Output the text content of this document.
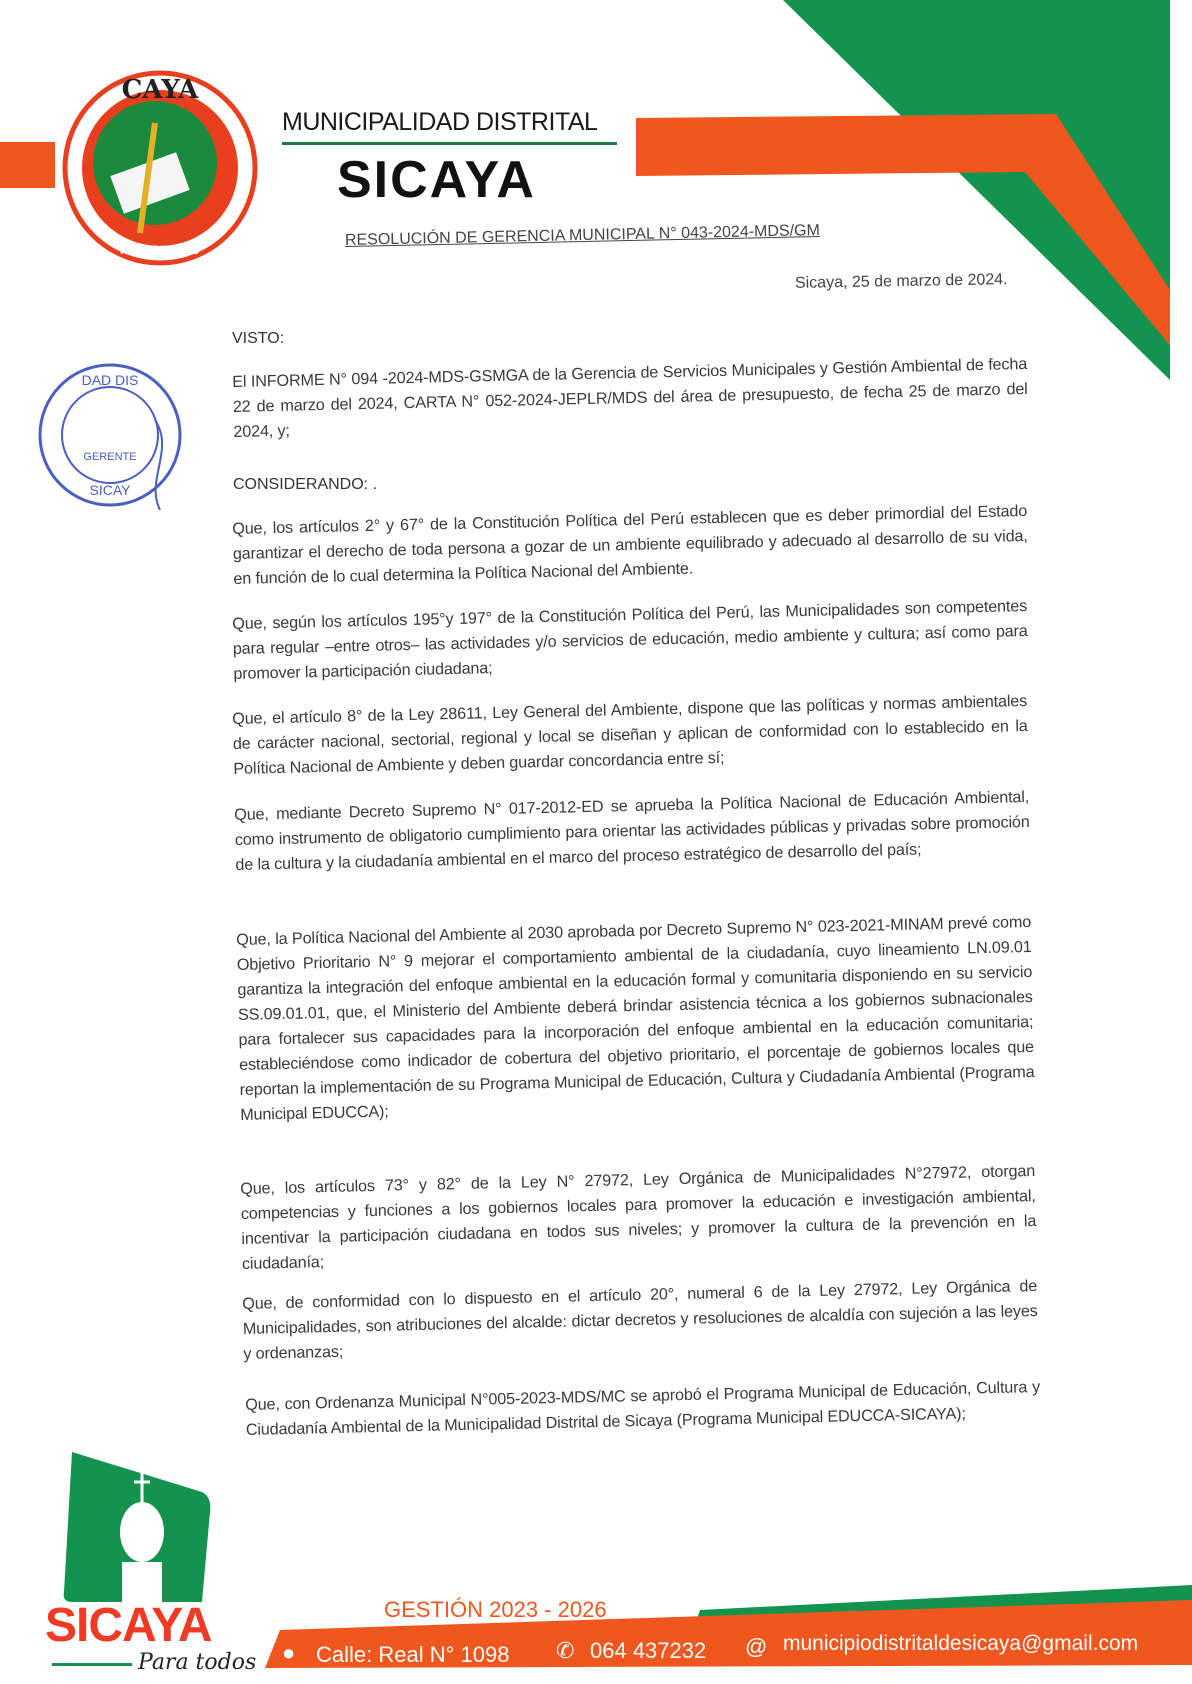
CAYA
PRODUCTIVO
MUNICIPALIDAD DISTRITAL
SICAYA
RESOLUCIÓN DE GERENCIA MUNICIPAL N° 043-2024-MDS/GM
Sicaya, 25 de marzo de 2024.
DAD DIS
GERENTE
SICAY
VISTO:
El INFORME N° 094 -2024-MDS-GSMGA de la Gerencia de Servicios Municipales y Gestión Ambiental de fecha 22 de marzo del 2024, CARTA N° 052-2024-JEPLR/MDS del área de presupuesto, de fecha 25 de marzo del 2024, y;
CONSIDERANDO: .
Que, los artículos 2° y 67° de la Constitución Política del Perú establecen que es deber primordial del Estado garantizar el derecho de toda persona a gozar de un ambiente equilibrado y adecuado al desarrollo de su vida, en función de lo cual determina la Política Nacional del Ambiente.
Que, según los artículos 195°y 197° de la Constitución Política del Perú, las Municipalidades son competentes para regular –entre otros– las actividades y/o servicios de educación, medio ambiente y cultura; así como para promover la participación ciudadana;
Que, el artículo 8° de la Ley 28611, Ley General del Ambiente, dispone que las políticas y normas ambientales de carácter nacional, sectorial, regional y local se diseñan y aplican de conformidad con lo establecido en la Política Nacional de Ambiente y deben guardar concordancia entre sí;
Que, mediante Decreto Supremo N° 017-2012-ED se aprueba la Política Nacional de Educación Ambiental, como instrumento de obligatorio cumplimiento para orientar las actividades públicas y privadas sobre promoción de la cultura y la ciudadanía ambiental en el marco del proceso estratégico de desarrollo del país;
Que, la Política Nacional del Ambiente al 2030 aprobada por Decreto Supremo N° 023-2021-MINAM prevé como Objetivo Prioritario N° 9 mejorar el comportamiento ambiental de la ciudadanía, cuyo lineamiento LN.09.01 garantiza la integración del enfoque ambiental en la educación formal y comunitaria disponiendo en su servicio SS.09.01.01, que, el Ministerio del Ambiente deberá brindar asistencia técnica a los gobiernos subnacionales para fortalecer sus capacidades para la incorporación del enfoque ambiental en la educación comunitaria; estableciéndose como indicador de cobertura del objetivo prioritario, el porcentaje de gobiernos locales que reportan la implementación de su Programa Municipal de Educación, Cultura y Ciudadanía Ambiental (Programa Municipal EDUCCA);
Que, los artículos 73° y 82° de la Ley N° 27972, Ley Orgánica de Municipalidades N°27972, otorgan competencias y funciones a los gobiernos locales para promover la educación e investigación ambiental, incentivar la participación ciudadana en todos sus niveles; y promover la cultura de la prevención en la ciudadanía;
Que, de conformidad con lo dispuesto en el artículo 20°, numeral 6 de la Ley 27972, Ley Orgánica de Municipalidades, son atribuciones del alcalde: dictar decretos y resoluciones de alcaldía con sujeción a las leyes y ordenanzas;
Que, con Ordenanza Municipal N°005-2023-MDS/MC se aprobó el Programa Municipal de Educación, Cultura y Ciudadanía Ambiental de la Municipalidad Distrital de Sicaya (Programa Municipal EDUCCA-SICAYA);
SICAYA
Para todos
GESTIÓN 2023 - 2026
● Calle: Real N° 1098 ✆ 064 437232 @ municipiodistritaldesicaya@gmail.com
